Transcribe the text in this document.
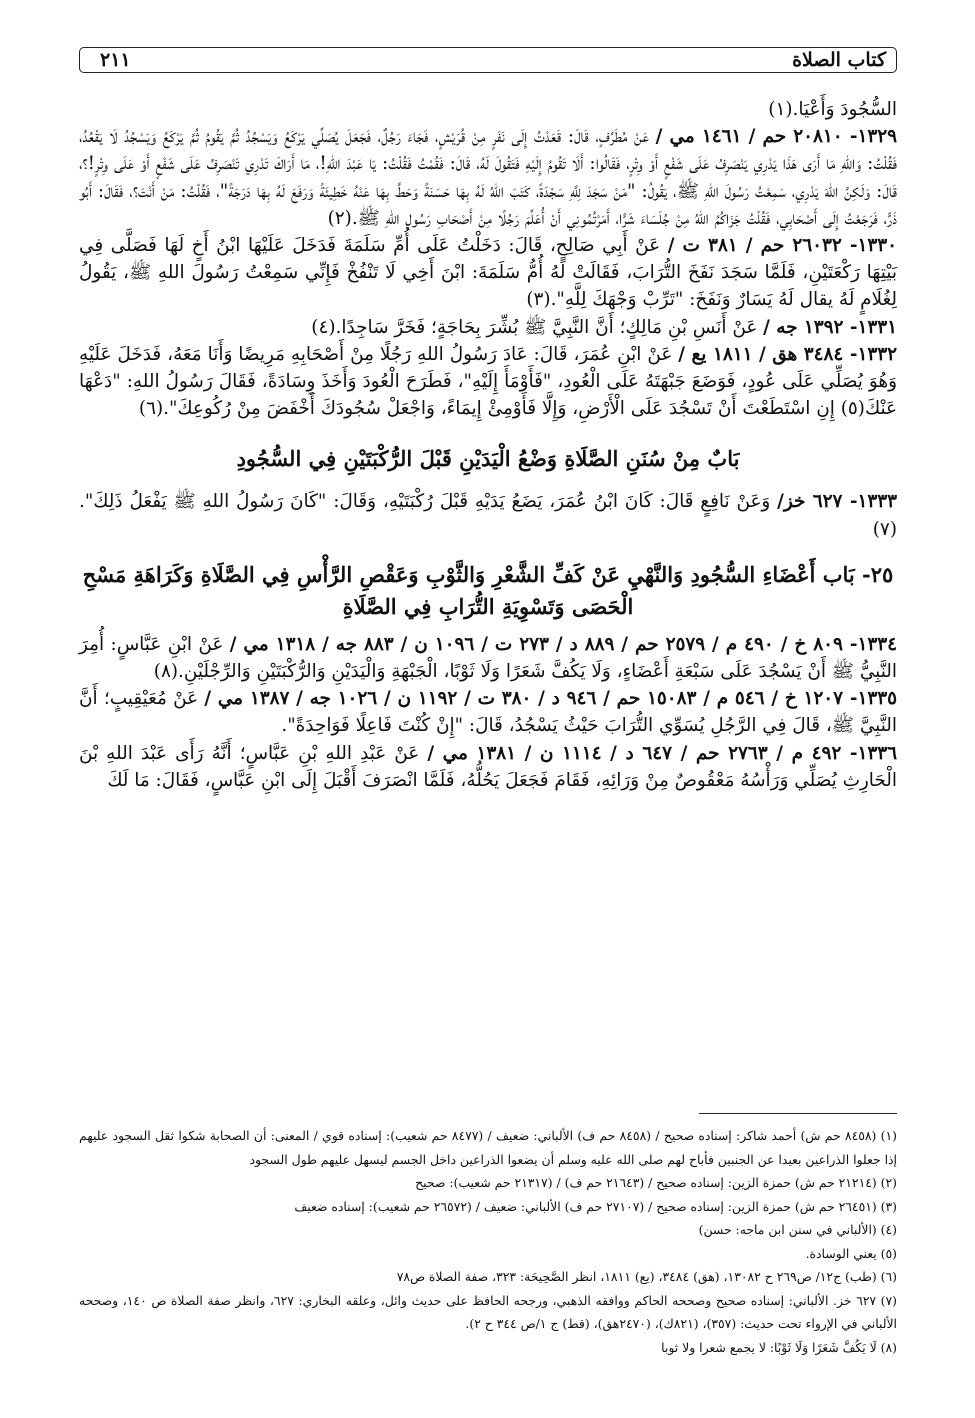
كتاب الصلاة
٢١١

السُّجُودَ وَأَعْيَا.(١)

١٣٢٩- ٢٠٨١٠ حم / ١٤٦١ مي / عَنْ مُطَرِّفٍ، قَالَ: قَعَدْتُ إِلَى نَفَرٍ مِنْ قُرَيْشٍ، فَجَاءَ رَجُلٌ، فَجَعَلَ يُصَلِّي يَرْكَعُ وَيَسْجُدُ ثُمَّ يَقُومُ ثُمَّ يَرْكَعُ وَيَسْجُدُ لَا يَقْعُدُ، فَقُلْتُ: وَاللهِ مَا أَرَى هَذَا يَدْرِي يَنْصَرِفُ عَلَى شَفْعٍ أَوْ وِتْرٍ، فَقَالُوا: أَلَا تَقُومُ إِلَيْهِ فَتَقُولَ لَهُ، قَالَ: فَقُمْتُ فَقُلْتُ: يَا عَبْدَ اللهِ!، مَا أَرَاكَ تَدْرِي تَنْصَرِفُ عَلَى شَفْعٍ أَوْ عَلَى وِتْرٍ!؟، قَالَ: وَلَكِنَّ اللهَ يَدْرِي، سَمِعْتُ رَسُولَ اللهِ ﷺ، يَقُولُ: "مَنْ سَجَدَ لِلَّهِ سَجْدَةً، كَتَبَ اللهُ لَهُ بِهَا حَسَنَةً وَحَطَّ بِهَا عَنْهُ خَطِيئَةً وَرَفَعَ لَهُ بِهَا دَرَجَةً"، فَقُلْتُ: مَنْ أَنْتَ؟، فَقَالَ: أَبُو ذَرٍّ، فَرَجَعْتُ إِلَى أَصْحَابِي، فَقُلْتُ جَزَاكُمُ اللهُ مِنْ جُلَسَاءَ شَرًّا، أَمَرْتُمُونِي أَنْ أُعَلِّمَ رَجُلًا مِنْ أَصْحَابِ رَسُولِ اللهِ ﷺ.(٢)

١٣٣٠- ٢٦٠٣٢ حم / ٣٨١ ت / عَنْ أَبِي صَالِحٍ، قَالَ: دَخَلْتُ عَلَى أُمِّ سَلَمَةَ فَدَخَلَ عَلَيْهَا ابْنُ أَخٍ لَهَا فَصَلَّى فِي بَيْتِهَا رَكْعَتَيْنِ، فَلَمَّا سَجَدَ نَفَخَ التُّرَابَ، فَقَالَتْ لَهُ أُمُّ سَلَمَةَ: ابْنَ أَخِي لَا تَنْفُخْ فَإِنِّي سَمِعْتُ رَسُولَ اللهِ ﷺ، يَقُولُ لِغُلَامٍ لَهُ يقال لَهُ يَسَارٌ وَنَفَخَ: "تَرِّبْ وَجْهَكَ لِلَّهِ".(٣)

١٣٣١- ١٣٩٢ جه / عَنْ أَنَسِ بْنِ مَالِكٍ؛ أَنَّ النَّبِيَّ ﷺ بُشِّرَ بِحَاجَةٍ؛ فَخَرَّ سَاجِدًا.(٤)

١٣٣٢- ٣٤٨٤ هق / ١٨١١ يع / عَنْ ابْنِ عُمَرَ، قَالَ: عَادَ رَسُولُ اللهِ رَجُلًا مِنْ أَصْحَابِهِ مَرِيضًا وَأَنَا مَعَهُ، فَدَخَلَ عَلَيْهِ وَهُوَ يُصَلِّي عَلَى عُودٍ، فَوَضَعَ جَبْهَتَهُ عَلَى الْعُودِ، "فَأَوْمَأَ إِلَيْهِ"، فَطَرَحَ الْعُودَ وَأَخَذَ وِسَادَةً، فَقَالَ رَسُولُ اللهِ: "دَعْهَا عَنْكَ(٥) إِنِ اسْتَطَعْتَ أَنْ تَسْجُدَ عَلَى الْأَرْضِ، وَإِلَّا فَأَوْمِئْ إِيمَاءً، وَاجْعَلْ سُجُودَكَ أَخْفَضَ مِنْ رُكُوعِكَ".(٦)

بَابٌ مِنْ سُنَنِ الصَّلَاةِ وَضْعُ الْيَدَيْنِ قَبْلَ الرُّكْبَتَيْنِ فِي السُّجُودِ

١٣٣٣- ٦٢٧ خز/ وَعَنْ نَافِعٍ قَالَ: كَانَ ابْنُ عُمَرَ، يَضَعُ يَدَيْهِ قَبْلَ رُكْبَتَيْهِ، وَقَالَ: "كَانَ رَسُولُ اللهِ ﷺ يَفْعَلُ ذَلِكَ".(٧)

٢٥- بَاب أَعْضَاءِ السُّجُودِ وَالنَّهْيِ عَنْ كَفِّ الشَّعْرِ وَالثَّوْبِ وَعَقْصِ الرَّأْسِ فِي الصَّلَاةِ وَكَرَاهَةِ مَسْحِ الْحَصَى وَتَسْوِيَةِ التُّرَابِ فِي الصَّلَاةِ

١٣٣٤- ٨٠٩ خ / ٤٩٠ م / ٢٥٧٩ حم / ٨٨٩ د / ٢٧٣ ت / ١٠٩٦ ن / ٨٨٣ جه / ١٣١٨ مي / عَنْ ابْنِ عَبَّاسٍ: أُمِرَ النَّبِيُّ ﷺ أَنْ يَسْجُدَ عَلَى سَبْعَةِ أَعْضَاءٍ، وَلَا يَكُفَّ شَعَرًا وَلَا ثَوْبًا، الْجَبْهَةِ وَالْيَدَيْنِ وَالرُّكْبَتَيْنِ وَالرِّجْلَيْنِ.(٨)

١٣٣٥- ١٢٠٧ خ / ٥٤٦ م / ١٥٠٨٣ حم / ٩٤٦ د / ٣٨٠ ت / ١١٩٢ ن / ١٠٢٦ جه / ١٣٨٧ مي / عَنْ مُعَيْقِيبٍ؛ أَنَّ النَّبِيَّ ﷺ، قَالَ فِي الرَّجُلِ يُسَوِّي التُّرَابَ حَيْثُ يَسْجُدُ، قَالَ: "إِنْ كُنْتَ فَاعِلًا فَوَاحِدَةً".

١٣٣٦- ٤٩٢ م / ٢٧٦٣ حم / ٦٤٧ د / ١١١٤ ن / ١٣٨١ مي / عَنْ عَبْدِ اللهِ بْنِ عَبَّاسٍ؛ أَنَّهُ رَأَى عَبْدَ اللهِ بْنَ الْحَارِثِ يُصَلِّي وَرَأْسُهُ مَعْقُوصٌ مِنْ وَرَائِهِ، فَقَامَ فَجَعَلَ يَحُلُّهُ، فَلَمَّا انْصَرَفَ أَقْبَلَ إِلَى ابْنِ عَبَّاسٍ، فَقَالَ: مَا لَكَ

(١) (٨٤٥٨ حم ش) أحمد شاكر: إسناده صحيح / (٨٤٥٨ حم ف) الألباني: ضعيف / (٨٤٧٧ حم شعيب): إسناده قوي / المعنى: أن الصحابة شكوا ثقل السجود عليهم إذا جعلوا الذراعين بعيدا عن الجنبين فأباح لهم صلى الله عليه وسلم أن يضعوا الذراعين داخل الجسم ليسهل عليهم طول السجود

(٢) (٢١٢١٤ حم ش) حمزة الزين: إسناده صحيح / (٢١٦٤٣ حم ف) / (٢١٣١٧ حم شعيب): صحيح

(٣) (٢٦٤٥١ حم ش) حمزة الزين: إسناده صحيح / (٢٧١٠٧ حم ف) الألباني: ضعيف / (٢٦٥٧٢ حم شعيب): إسناده ضعيف

(٤) (الألباني في سنن ابن ماجه: حسن)

(٥) يعني الوسادة.

(٦) (طب) ج١٢/ ص٢٦٩ ح ١٣٠٨٢، (هق) ٣٤٨٤، (يع) ١٨١١، انظر الصَّحِيحَة: ٣٢٣، صفة الصلاة ص٧٨

(٧) ٦٢٧ خز. الألباني: إسناده صحيح وصححه الحاكم ووافقه الذهبي، ورجحه الحافظ على حديث وائل، وعلقه البخاري: ٦٢٧، وانظر صفة الصلاة ص ١٤٠، وصححه الألباني في الإرواء تحت حديث: (٣٥٧)، (٨٢١ك)، (٢٤٧٠هق)، (قط) ج ١/ص ٣٤٤ ح ٢).

(٨) لَا يَكُفَّ شَعَرًا وَلَا ثَوْبًا: لا يجمع شعرا ولا ثوبا
